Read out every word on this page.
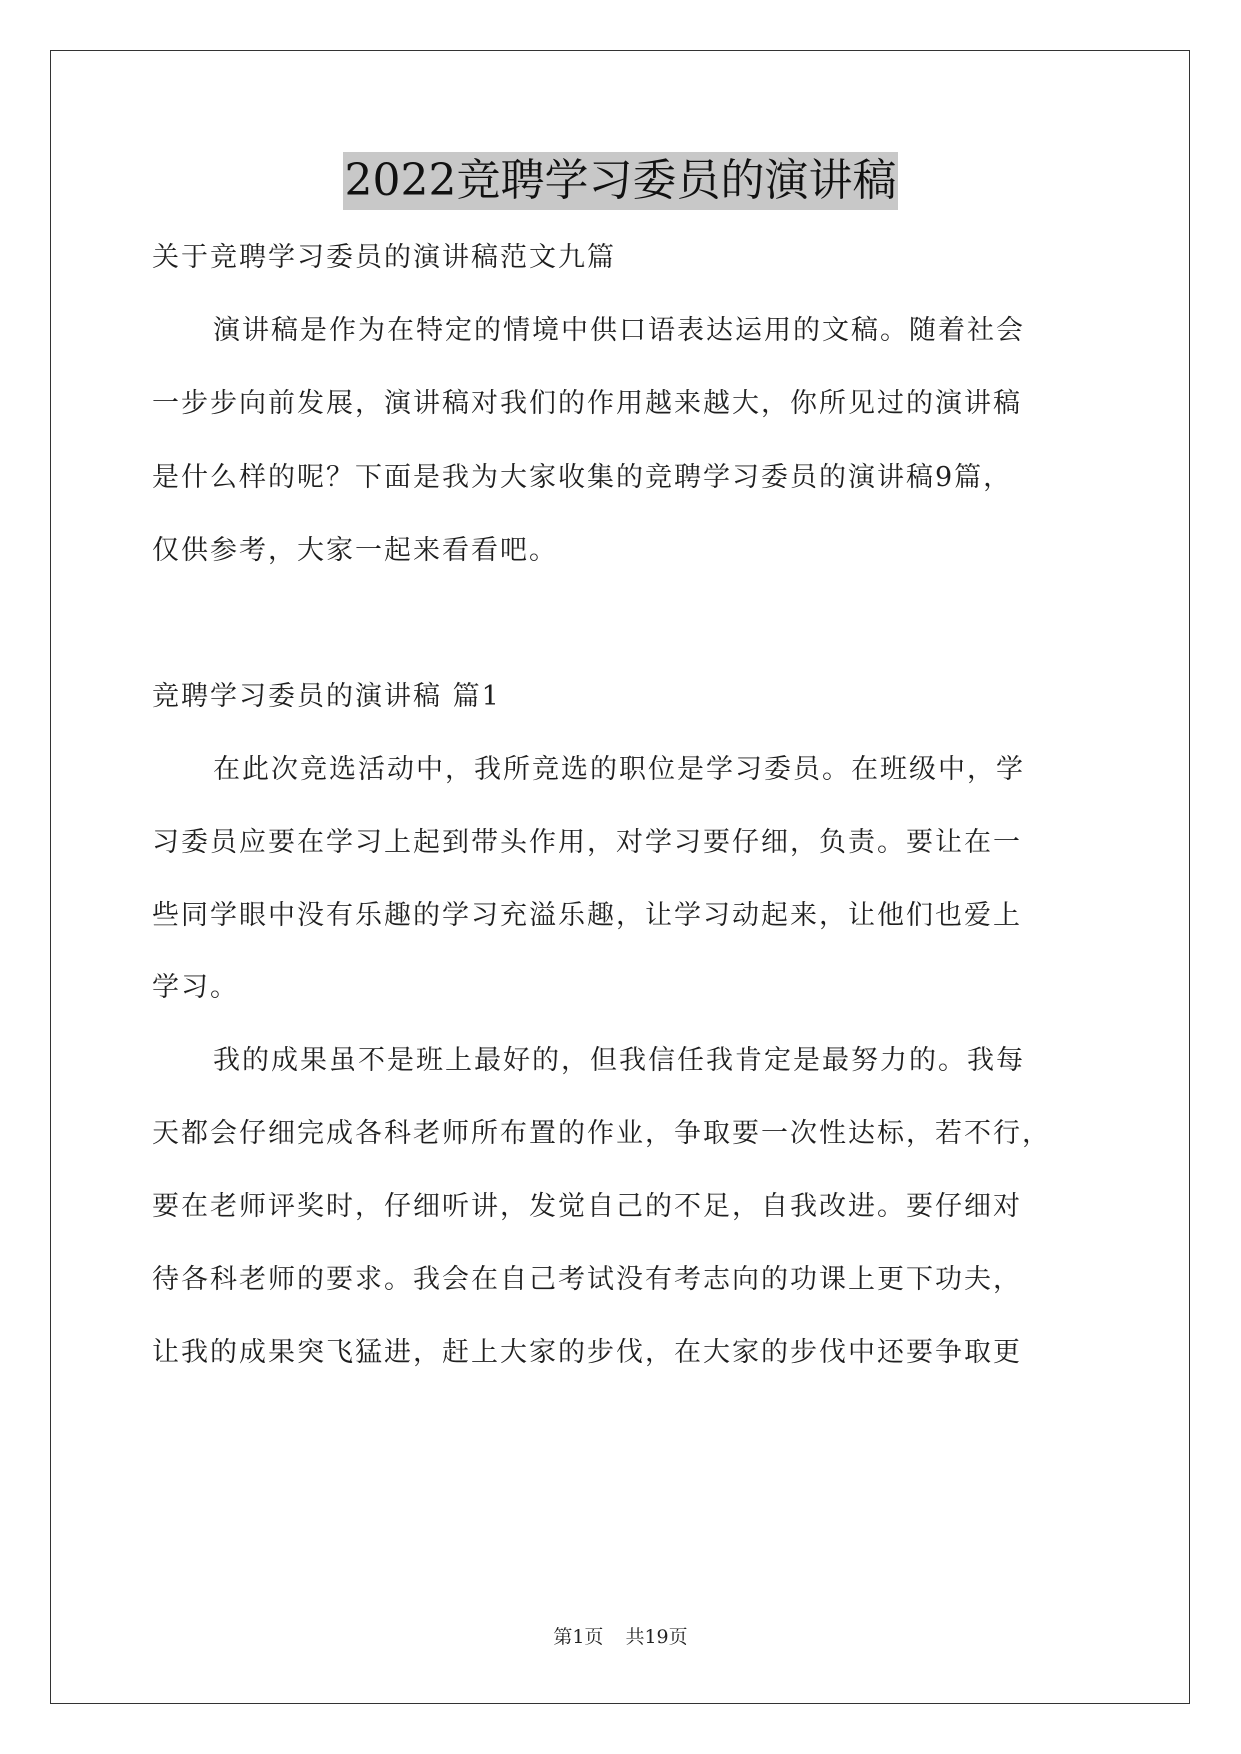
2022竞聘学习委员的演讲稿
关于竞聘学习委员的演讲稿范文九篇
演讲稿是作为在特定的情境中供口语表达运用的文稿。随着社会
一步步向前发展，演讲稿对我们的作用越来越大，你所见过的演讲稿
是什么样的呢？下面是我为大家收集的竞聘学习委员的演讲稿9篇，
仅供参考，大家一起来看看吧。
竞聘学习委员的演讲稿 篇1
在此次竞选活动中，我所竞选的职位是学习委员。在班级中，学
习委员应要在学习上起到带头作用，对学习要仔细，负责。要让在一
些同学眼中没有乐趣的学习充溢乐趣，让学习动起来，让他们也爱上
学习。
我的成果虽不是班上最好的，但我信任我肯定是最努力的。我每
天都会仔细完成各科老师所布置的作业，争取要一次性达标，若不行，
要在老师评奖时，仔细听讲，发觉自己的不足，自我改进。要仔细对
待各科老师的要求。我会在自己考试没有考志向的功课上更下功夫，
让我的成果突飞猛进，赶上大家的步伐，在大家的步伐中还要争取更
第1页 共19页
